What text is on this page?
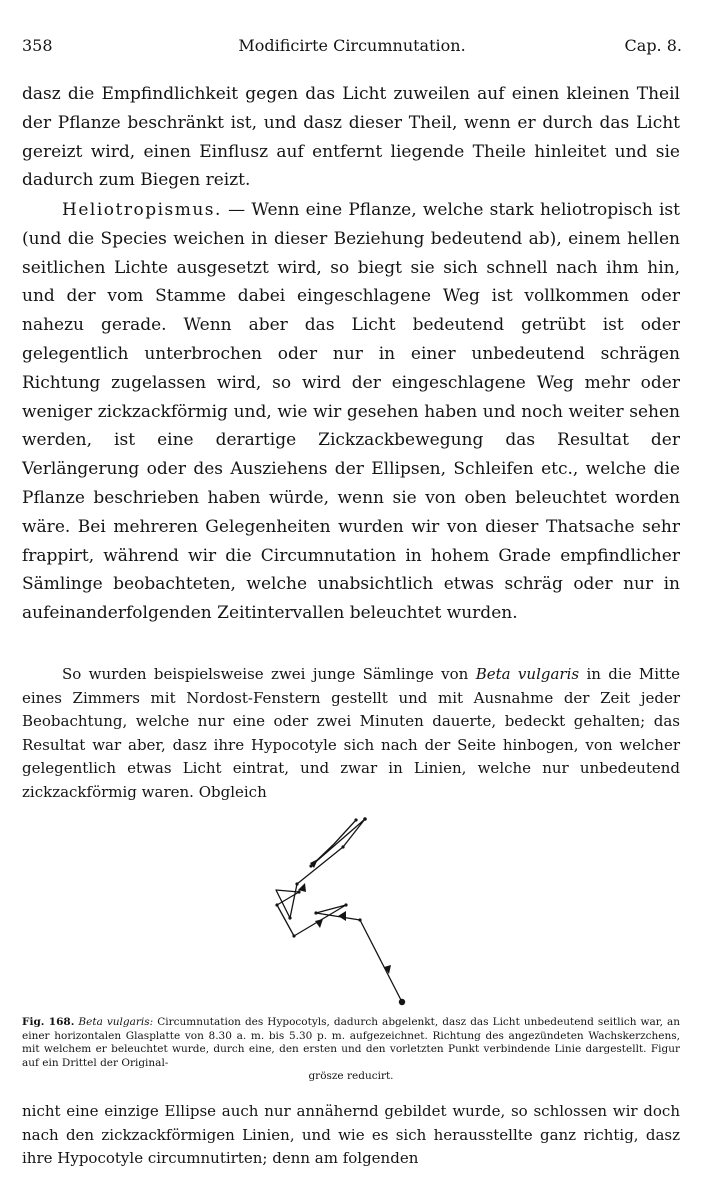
358	Modificirte Circumnutation.	Cap. 8.

dasz die Empfindlichkeit gegen das Licht zuweilen auf einen kleinen Theil der Pflanze beschränkt ist, und dasz dieser Theil, wenn er durch das Licht gereizt wird, einen Einflusz auf entfernt liegende Theile hinleitet und sie dadurch zum Biegen reizt.

Heliotropismus. — Wenn eine Pflanze, welche stark heliotropisch ist (und die Species weichen in dieser Beziehung bedeutend ab), einem hellen seitlichen Lichte ausgesetzt wird, so biegt sie sich schnell nach ihm hin, und der vom Stamme dabei eingeschlagene Weg ist vollkommen oder nahezu gerade. Wenn aber das Licht bedeutend getrübt ist oder gelegentlich unterbrochen oder nur in einer unbedeutend schrägen Richtung zugelassen wird, so wird der eingeschlagene Weg mehr oder weniger zickzackförmig und, wie wir gesehen haben und noch weiter sehen werden, ist eine derartige Zickzackbewegung das Resultat der Verlängerung oder des Ausziehens der Ellipsen, Schleifen etc., welche die Pflanze beschrieben haben würde, wenn sie von oben beleuchtet worden wäre. Bei mehreren Gelegenheiten wurden wir von dieser Thatsache sehr frappirt, während wir die Circumnutation in hohem Grade empfindlicher Sämlinge beobachteten, welche unabsichtlich etwas schräg oder nur in aufeinanderfolgenden Zeitintervallen beleuchtet wurden.

So wurden beispielsweise zwei junge Sämlinge von Beta vulgaris in die Mitte eines Zimmers mit Nordost-Fenstern gestellt und mit Ausnahme der Zeit jeder Beobachtung, welche nur eine oder zwei Minuten dauerte, bedeckt gehalten; das Resultat war aber, dasz ihre Hypocotyle sich nach der Seite hinbogen, von welcher gelegentlich etwas Licht eintrat, und zwar in Linien, welche nur unbedeutend zickzackförmig waren. Obgleich

Fig. 168. Beta vulgaris: Circumnutation des Hypocotyls, dadurch abgelenkt, dasz das Licht unbedeutend seitlich war, an einer horizontalen Glasplatte von 8.30 a. m. bis 5.30 p. m. aufgezeichnet. Richtung des angezündeten Wachskerzchens, mit welchem er beleuchtet wurde, durch eine, den ersten und den vorletzten Punkt verbindende Linie dargestellt. Figur auf ein Drittel der Original-
grösze reducirt.

nicht eine einzige Ellipse auch nur annähernd gebildet wurde, so schlossen wir doch nach den zickzackförmigen Linien, und wie es sich herausstellte ganz richtig, dasz ihre Hypocotyle circumnutirten; denn am folgenden
